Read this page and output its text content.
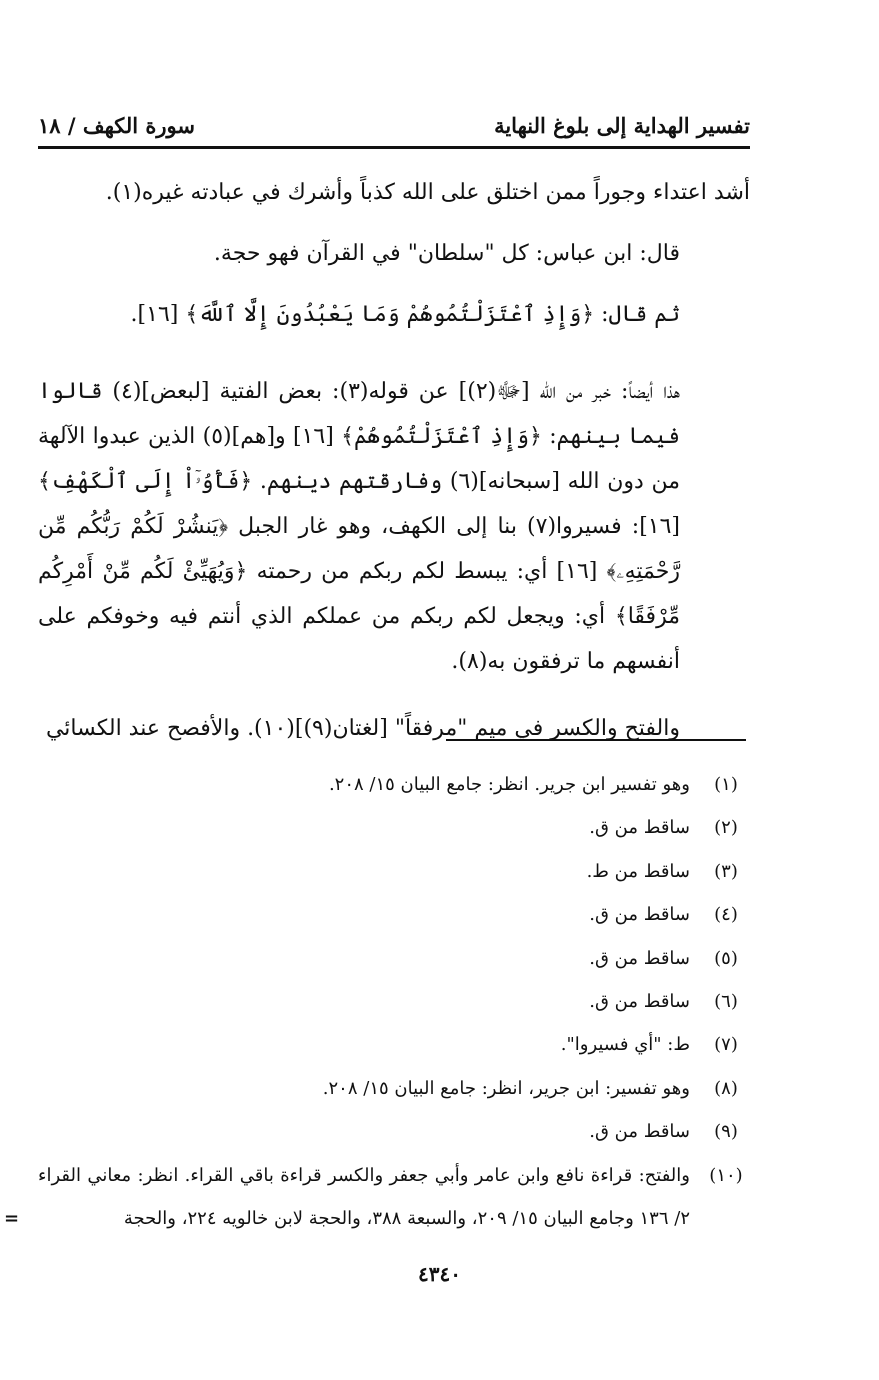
تفسير الهداية إلى بلوغ النهاية
سورة الكهف / ١٨

أشد اعتداء وجوراً ممن اختلق على الله كذباً وأشرك في عبادته غيره(١).

قال: ابن عباس: كل "سلطان" في القرآن فهو حجة.

ثم قال: ﴿وَإِذِ ٱعْتَزَلْتُمُوهُمْ وَمَا يَعْبُدُونَ إِلَّا ٱللَّهَ﴾ [١٦].

هذا أيضاً: خبر من الله [ﷻ(٢)] عن قوله(٣): بعض الفتية [لبعض](٤) قالوا فيما بينهم: ﴿وَإِذِ ٱعْتَزَلْتُمُوهُمْ﴾ [١٦] و[هم](٥) الذين عبدوا الآلهة من دون الله [سبحانه](٦) وفارقتهم دينهم. ﴿فَأْوُۥٓاْ إِلَى ٱلْكَهْفِ﴾ [١٦]: فسيروا(٧) بنا إلى الكهف، وهو غار الجبل ﴿يَنشُرْ لَكُمْ رَبُّكُم مِّن رَّحْمَتِهِۦ﴾ [١٦] أي: يبسط لكم ربكم من رحمته ﴿وَيُهَيِّئْ لَكُم مِّنْ أَمْرِكُم مِّرْفَقًا﴾ أي: ويجعل لكم ربكم من عملكم الذي أنتم فيه وخوفكم على أنفسهم ما ترفقون به(٨).

والفتح والكسر في ميم "مرفقاً" [لغتان(٩)](١٠). والأفصح عند الكسائي

(١)
وهو تفسير ابن جرير. انظر: جامع البيان ١٥/ ٢٠٨.
(٢)
ساقط من ق.
(٣)
ساقط من ط.
(٤)
ساقط من ق.
(٥)
ساقط من ق.
(٦)
ساقط من ق.
(٧)
ط: "أي فسيروا".
(٨)
وهو تفسير: ابن جرير، انظر: جامع البيان ١٥/ ٢٠٨.
(٩)
ساقط من ق.
(١٠)
والفتح: قراءة نافع وابن عامر وأبي جعفر والكسر قراءة باقي القراء. انظر: معاني القراء ٢/ ١٣٦ وجامع البيان ١٥/ ٢٠٩، والسبعة ٣٨٨، والحجة لابن خالويه ٢٢٤، والحجة
=
٤٣٤٠
